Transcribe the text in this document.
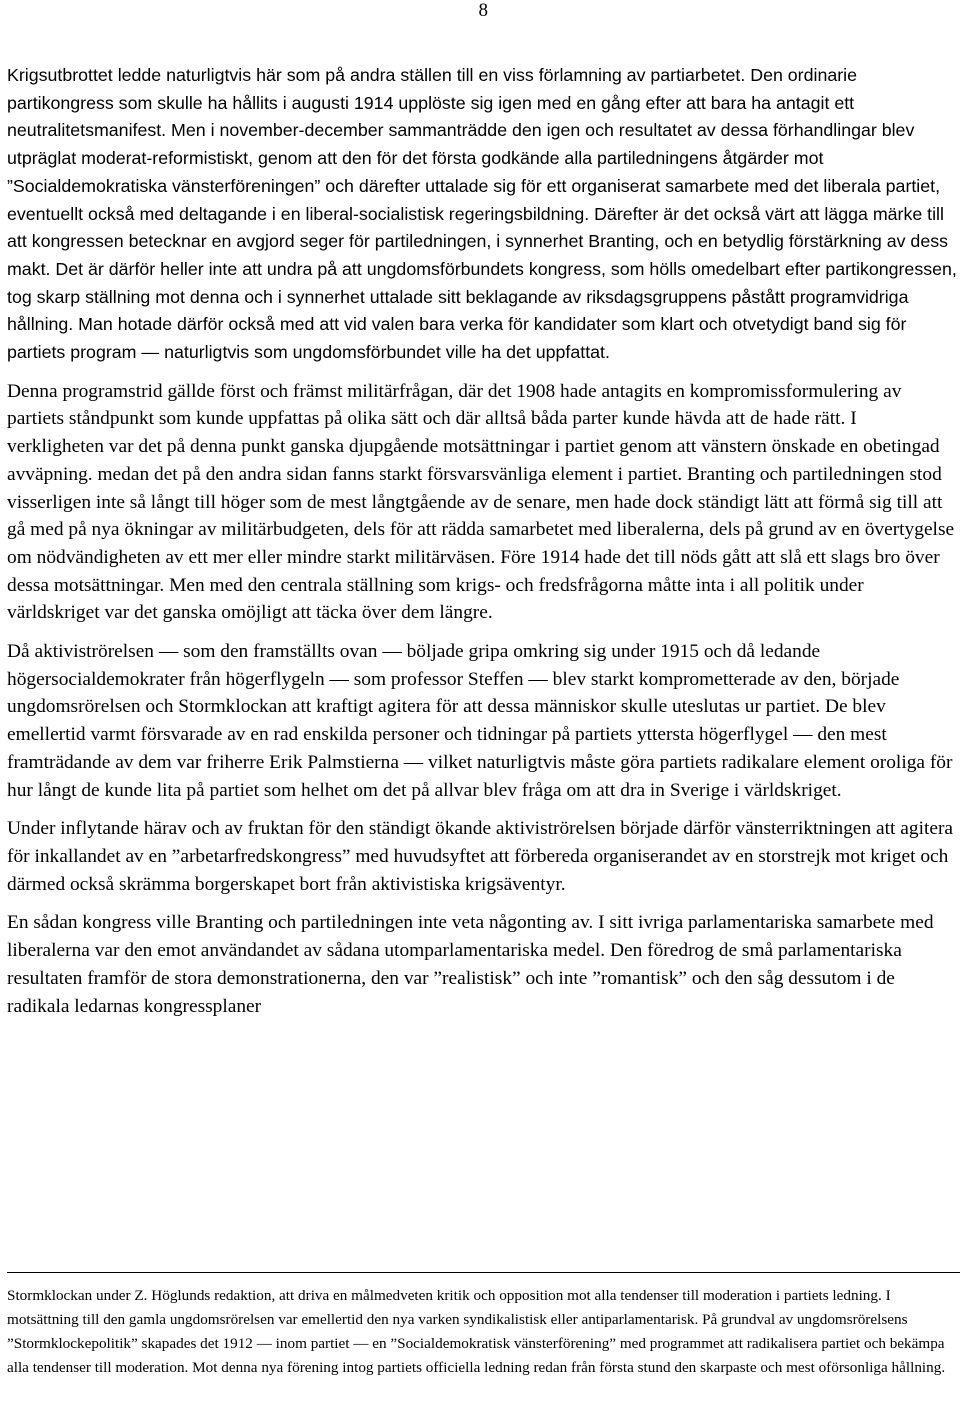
8

Krigsutbrottet ledde naturligtvis här som på andra ställen till en viss förlamning av partiarbetet. Den ordinarie partikongress som skulle ha hållits i augusti 1914 upplöste sig igen med en gång efter att bara ha antagit ett neutralitetsmanifest. Men i november-december sammanträdde den igen och resultatet av dessa förhandlingar blev utpräglat moderat-reformistiskt, genom att den för det första godkände alla partiledningens åtgärder mot ”Socialdemokratiska vänsterföreningen” och därefter uttalade sig för ett organiserat samarbete med det liberala partiet, eventuellt också med deltagande i en liberal-socialistisk regeringsbildning. Därefter är det också värt att lägga märke till att kongressen betecknar en avgjord seger för partiledningen, i synnerhet Branting, och en betydlig förstärkning av dess makt. Det är därför heller inte att undra på att ungdomsförbundets kongress, som hölls omedelbart efter partikongressen, tog skarp ställning mot denna och i synnerhet uttalade sitt beklagande av riksdagsgruppens påstått programvidriga hållning. Man hotade därför också med att vid valen bara verka för kandidater som klart och otvetydigt band sig för partiets program — naturligtvis som ungdomsförbundet ville ha det uppfattat.

Denna programstrid gällde först och främst militärfrågan, där det 1908 hade antagits en kompromissformulering av partiets ståndpunkt som kunde uppfattas på olika sätt och där alltså båda parter kunde hävda att de hade rätt. I verkligheten var det på denna punkt ganska djupgående motsättningar i partiet genom att vänstern önskade en obetingad avväpning. medan det på den andra sidan fanns starkt försvarsvänliga element i partiet. Branting och partiledningen stod visserligen inte så långt till höger som de mest långtgående av de senare, men hade dock ständigt lätt att förmå sig till att gå med på nya ökningar av militärbudgeten, dels för att rädda samarbetet med liberalerna, dels på grund av en övertygelse om nödvändigheten av ett mer eller mindre starkt militärväsen. Före 1914 hade det till nöds gått att slå ett slags bro över dessa motsättningar. Men med den centrala ställning som krigs- och fredsfrågorna måtte inta i all politik under världskriget var det ganska omöjligt att täcka över dem längre.

Då aktiviströrelsen — som den framställts ovan — böljade gripa omkring sig under 1915 och då ledande högersocialdemokrater från högerflygeln — som professor Steffen — blev starkt komprometterade av den, började ungdomsrörelsen och Stormklockan att kraftigt agitera för att dessa människor skulle uteslutas ur partiet. De blev emellertid varmt försvarade av en rad enskilda personer och tidningar på partiets yttersta högerflygel — den mest framträdande av dem var friherre Erik Palmstierna — vilket naturligtvis måste göra partiets radikalare element oroliga för hur långt de kunde lita på partiet som helhet om det på allvar blev fråga om att dra in Sverige i världskriget.

Under inflytande härav och av fruktan för den ständigt ökande aktiviströrelsen började därför vänsterriktningen att agitera för inkallandet av en ”arbetarfredskongress” med huvudsyftet att förbereda organiserandet av en storstrejk mot kriget och därmed också skrämma borgerskapet bort från aktivistiska krigsäventyr.

En sådan kongress ville Branting och partiledningen inte veta någonting av. I sitt ivriga parlamentariska samarbete med liberalerna var den emot användandet av sådana utomparlamentariska medel. Den föredrog de små parlamentariska resultaten framför de stora demonstrationerna, den var ”realistisk” och inte ”romantisk” och den såg dessutom i de radikala ledarnas kongressplaner

Stormklockan under Z. Höglunds redaktion, att driva en målmedveten kritik och opposition mot alla tendenser till moderation i partiets ledning. I motsättning till den gamla ungdomsrörelsen var emellertid den nya varken syndikalistisk eller antiparlamentarisk. På grundval av ungdomsrörelsens ”Stormklockepolitik” skapades det 1912 — inom partiet — en ”Socialdemokratisk vänsterförening” med programmet att radikalisera partiet och bekämpa alla tendenser till moderation. Mot denna nya förening intog partiets officiella ledning redan från första stund den skarpaste och mest oförsonliga hållning.
